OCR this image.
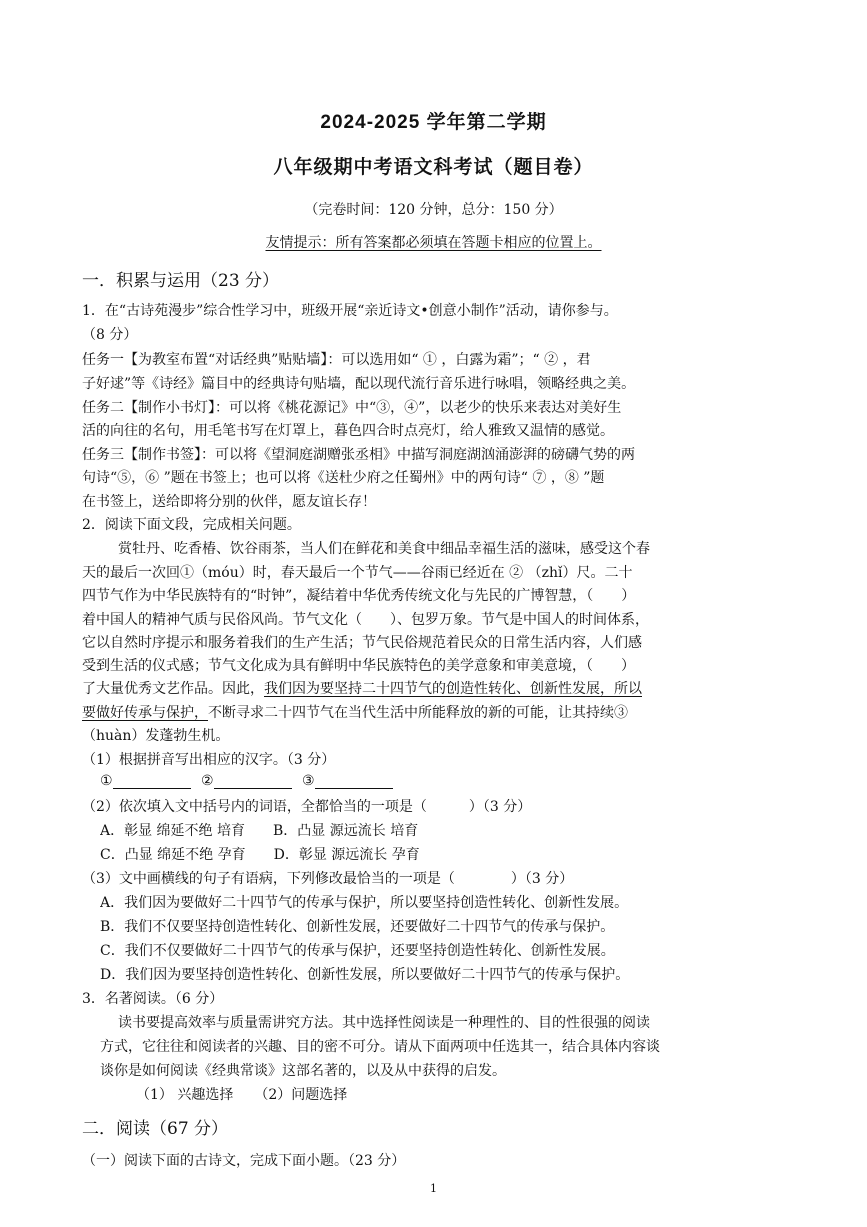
2024-2025 学年第二学期
八年级期中考语文科考试（题目卷）
（完卷时间：120 分钟，总分：150 分）
友情提示：所有答案都必须填在答题卡相应的位置上。
一．积累与运用（23 分）
1．在“古诗苑漫步”综合性学习中，班级开展“亲近诗文•创意小制作”活动，请你参与。
（8 分）
任务一【为教室布置“对话经典”贴贴墙】：可以选用如“ ① ，白露为霜”；“ ② ，君
子好逑”等《诗经》篇目中的经典诗句贴墙，配以现代流行音乐进行咏唱，领略经典之美。
任务二【制作小书灯】：可以将《桃花源记》中“③，④”，以老少的快乐来表达对美好生
活的向往的名句，用毛笔书写在灯罩上，暮色四合时点亮灯，给人雅致又温情的感觉。
任务三【制作书签】：可以将《望洞庭湖赠张丞相》中描写洞庭湖汹涌澎湃的磅礴气势的两
句诗“⑤，⑥ ”题在书签上；也可以将《送杜少府之任蜀州》中的两句诗“ ⑦ ，⑧ ”题
在书签上，送给即将分别的伙伴，愿友谊长存！
2．阅读下面文段，完成相关问题。
赏牡丹、吃香椿、饮谷雨茶，当人们在鲜花和美食中细品幸福生活的滋味，感受这个春
天的最后一次回①（móu）时，春天最后一个节气——谷雨已经近在 ② （zhǐ）尺。二十
四节气作为中华民族特有的“时钟”，凝结着中华优秀传统文化与先民的广博智慧，（　　）
着中国人的精神气质与民俗风尚。节气文化（　　）、包罗万象。节气是中国人的时间体系，
它以自然时序提示和服务着我们的生产生活；节气民俗规范着民众的日常生活内容，人们感
受到生活的仪式感；节气文化成为具有鲜明中华民族特色的美学意象和审美意境，（　　）
了大量优秀文艺作品。因此，我们因为要坚持二十四节气的创造性转化、创新性发展，所以
要做好传承与保护，不断寻求二十四节气在当代生活中所能释放的新的可能，让其持续③
（huàn）发蓬勃生机。
（1）根据拼音写出相应的汉字。（3 分）
①	②	③
（2）依次填入文中括号内的词语，全都恰当的一项是（　　　）（3 分）
A．彰显 绵延不绝 培育　　B．凸显 源远流长 培育
C．凸显 绵延不绝 孕育　　D．彰显 源远流长 孕育
（3）文中画横线的句子有语病，下列修改最恰当的一项是（　　　　）（3 分）
A．我们因为要做好二十四节气的传承与保护，所以要坚持创造性转化、创新性发展。
B．我们不仅要坚持创造性转化、创新性发展，还要做好二十四节气的传承与保护。
C．我们不仅要做好二十四节气的传承与保护，还要坚持创造性转化、创新性发展。
D．我们因为要坚持创造性转化、创新性发展，所以要做好二十四节气的传承与保护。
3．名著阅读。（6 分）
读书要提高效率与质量需讲究方法。其中选择性阅读是一种理性的、目的性很强的阅读
方式，它往往和阅读者的兴趣、目的密不可分。请从下面两项中任选其一，结合具体内容谈
谈你是如何阅读《经典常谈》这部名著的，以及从中获得的启发。
（1） 兴趣选择　　（2）问题选择
二．阅读（67 分）
（一）阅读下面的古诗文，完成下面小题。（23 分）
1
